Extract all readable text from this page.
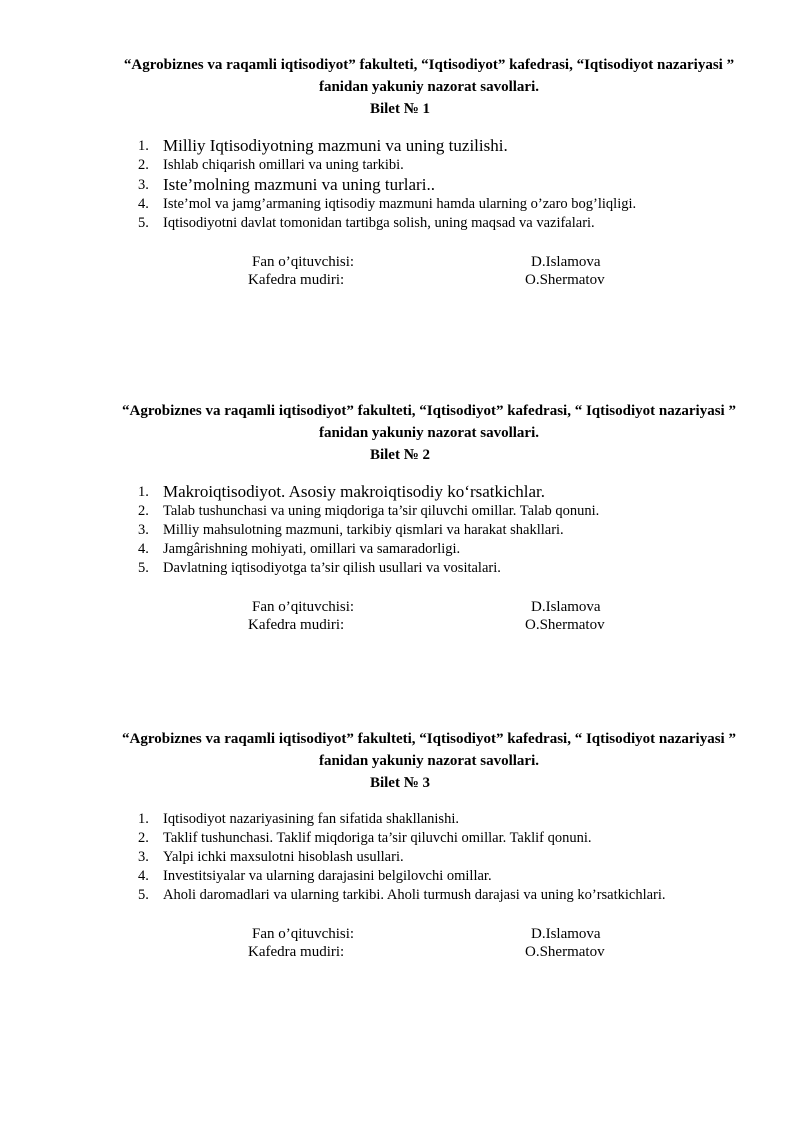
“Agrobiznes va raqamli iqtisodiyot” fakulteti, “Iqtisodiyot” kafedrasi, “Iqtisodiyot nazariyasi ” fanidan yakuniy nazorat savollari.
Bilet № 1
1. Milliy Iqtisodiyotning mazmuni va uning tuzilishi.
2. Ishlab chiqarish omillari va uning tarkibi.
3. Iste’molning mazmuni va uning turlari..
4. Iste’mol va jamg’armaning iqtisodiy mazmuni hamda ularning o’zaro bog’liqligi.
5. Iqtisodiyotni davlat tomonidan tartibga solish, uning maqsad va vazifalari.
Fan o’qituvchisi:	D.Islamova
Kafedra mudiri:	O.Shermatov
“Agrobiznes va raqamli iqtisodiyot” fakulteti, “Iqtisodiyot” kafedrasi, “ Iqtisodiyot nazariyasi ” fanidan yakuniy nazorat savollari.
Bilet № 2
1. Makroiqtisodiyot. Asosiy makroiqtisodiy ko‘rsatkichlar.
2. Talab tushunchasi va uning miqdoriga ta’sir qiluvchi omillar. Talab qonuni.
3. Milliy mahsulotning mazmuni, tarkibiy qismlari va harakat shakllari.
4. Jamgârishning mohiyati, omillari va samaradorligi.
5. Davlatning iqtisodiyotga ta’sir qilish usullari va vositalari.
Fan o’qituvchisi:	D.Islamova
Kafedra mudiri:	O.Shermatov
“Agrobiznes va raqamli iqtisodiyot” fakulteti, “Iqtisodiyot” kafedrasi, “ Iqtisodiyot nazariyasi ” fanidan yakuniy nazorat savollari.
Bilet № 3
1. Iqtisodiyot nazariyasining fan sifatida shakllanishi.
2. Taklif tushunchasi. Taklif miqdoriga ta’sir qiluvchi omillar. Taklif qonuni.
3. Yalpi ichki maxsulotni hisoblash usullari.
4. Investitsiyalar va ularning darajasini belgilovchi omillar.
5. Aholi daromadlari va ularning tarkibi. Aholi turmush darajasi va uning ko’rsatkichlari.
Fan o’qituvchisi:	D.Islamova
Kafedra mudiri:	O.Shermatov
